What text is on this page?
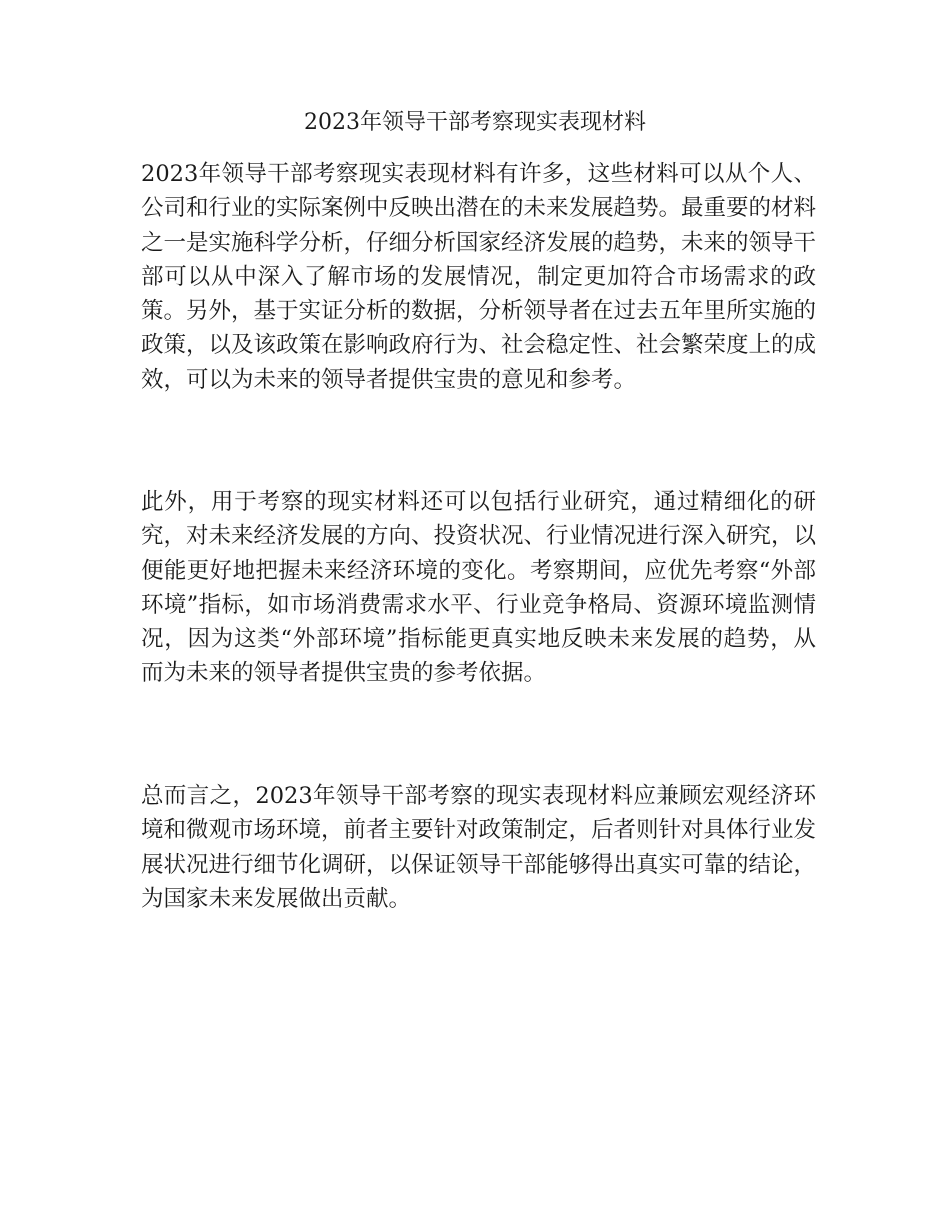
2023年领导干部考察现实表现材料

2023年领导干部考察现实表现材料有许多，这些材料可以从个人、公司和行业的实际案例中反映出潜在的未来发展趋势。最重要的材料之一是实施科学分析，仔细分析国家经济发展的趋势，未来的领导干部可以从中深入了解市场的发展情况，制定更加符合市场需求的政策。另外，基于实证分析的数据，分析领导者在过去五年里所实施的政策，以及该政策在影响政府行为、社会稳定性、社会繁荣度上的成效，可以为未来的领导者提供宝贵的意见和参考。

此外，用于考察的现实材料还可以包括行业研究，通过精细化的研究，对未来经济发展的方向、投资状况、行业情况进行深入研究，以便能更好地把握未来经济环境的变化。考察期间，应优先考察“外部环境”指标，如市场消费需求水平、行业竞争格局、资源环境监测情况，因为这类“外部环境”指标能更真实地反映未来发展的趋势，从而为未来的领导者提供宝贵的参考依据。

总而言之，2023年领导干部考察的现实表现材料应兼顾宏观经济环境和微观市场环境，前者主要针对政策制定，后者则针对具体行业发展状况进行细节化调研，以保证领导干部能够得出真实可靠的结论，为国家未来发展做出贡献。
